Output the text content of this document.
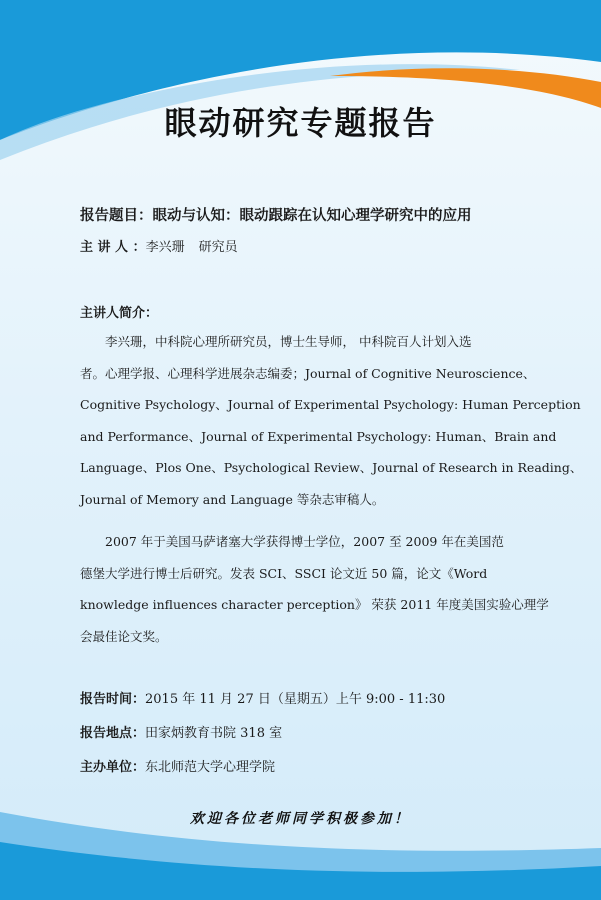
眼动研究专题报告
报告题目：眼动与认知：眼动跟踪在认知心理学研究中的应用
主 讲 人 ：李兴珊 研究员
主讲人简介：
李兴珊，中科院心理所研究员，博士生导师， 中科院百人计划入选
者。心理学报、心理科学进展杂志编委；Journal of Cognitive Neuroscience、
Cognitive Psychology、Journal of Experimental Psychology: Human Perception
and Performance、Journal of Experimental Psychology: Human、Brain and
Language、Plos One、Psychological Review、Journal of Research in Reading、
Journal of Memory and Language 等杂志审稿人。
2007 年于美国马萨诸塞大学获得博士学位，2007 至 2009 年在美国范
德堡大学进行博士后研究。发表 SCI、SSCI 论文近 50 篇，论文《Word
knowledge influences character perception》 荣获 2011 年度美国实验心理学
会最佳论文奖。
报告时间：2015 年 11 月 27 日（星期五）上午 9:00 - 11:30
报告地点：田家炳教育书院 318 室
主办单位：东北师范大学心理学院
欢迎各位老师同学积极参加！
